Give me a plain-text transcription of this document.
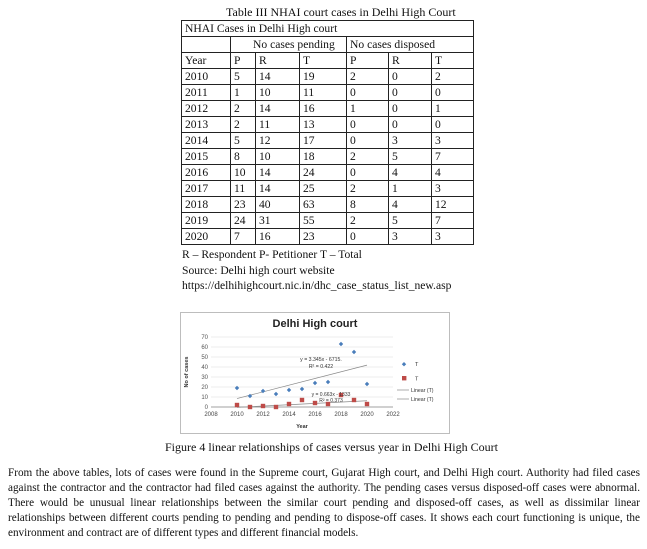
Table III NHAI court cases in Delhi High Court
NHAI Cases in Delhi High court						
	No cases pending			No cases disposed		
Year	P	R	T	P	R	T
2010	5	14	19	2	0	2
2011	1	10	11	0	0	0
2012	2	14	16	1	0	1
2013	2	11	13	0	0	0
2014	5	12	17	0	3	3
2015	8	10	18	2	5	7
2016	10	14	24	0	4	4
2017	11	14	25	2	1	3
2018	23	40	63	8	4	12
2019	24	31	55	2	5	7
2020	7	16	23	0	3	3
R – Respondent P- Petitioner T – Total
Source: Delhi high court website
https://delhihighcourt.nic.in/dhc_case_status_list_new.asp
Delhi High court
0
10
20
30
40
50
60
70
2008 2010 2012 2014 2016 2018 2020 2022
Year
No of cases	y = 3.345x - 6715.
R² = 0.422
y = 0.663x - 1333
R² = 0.373
T
T
Linear (T)
Linear (T)
Figure 4 linear relationships of cases versus year in Delhi High Court

From the above tables, lots of cases were found in the Supreme court, Gujarat High court, and Delhi High court. Authority had filed cases against the contractor and the contractor had filed cases against the authority. The pending cases versus disposed-off cases were abnormal. There would be unusual linear relationships between the similar court pending and disposed-off cases, as well as dissimilar linear relationships between different courts pending to pending and pending to dispose-off cases. It shows each court functioning is unique, the environment and contract are of different types and different financial models.
